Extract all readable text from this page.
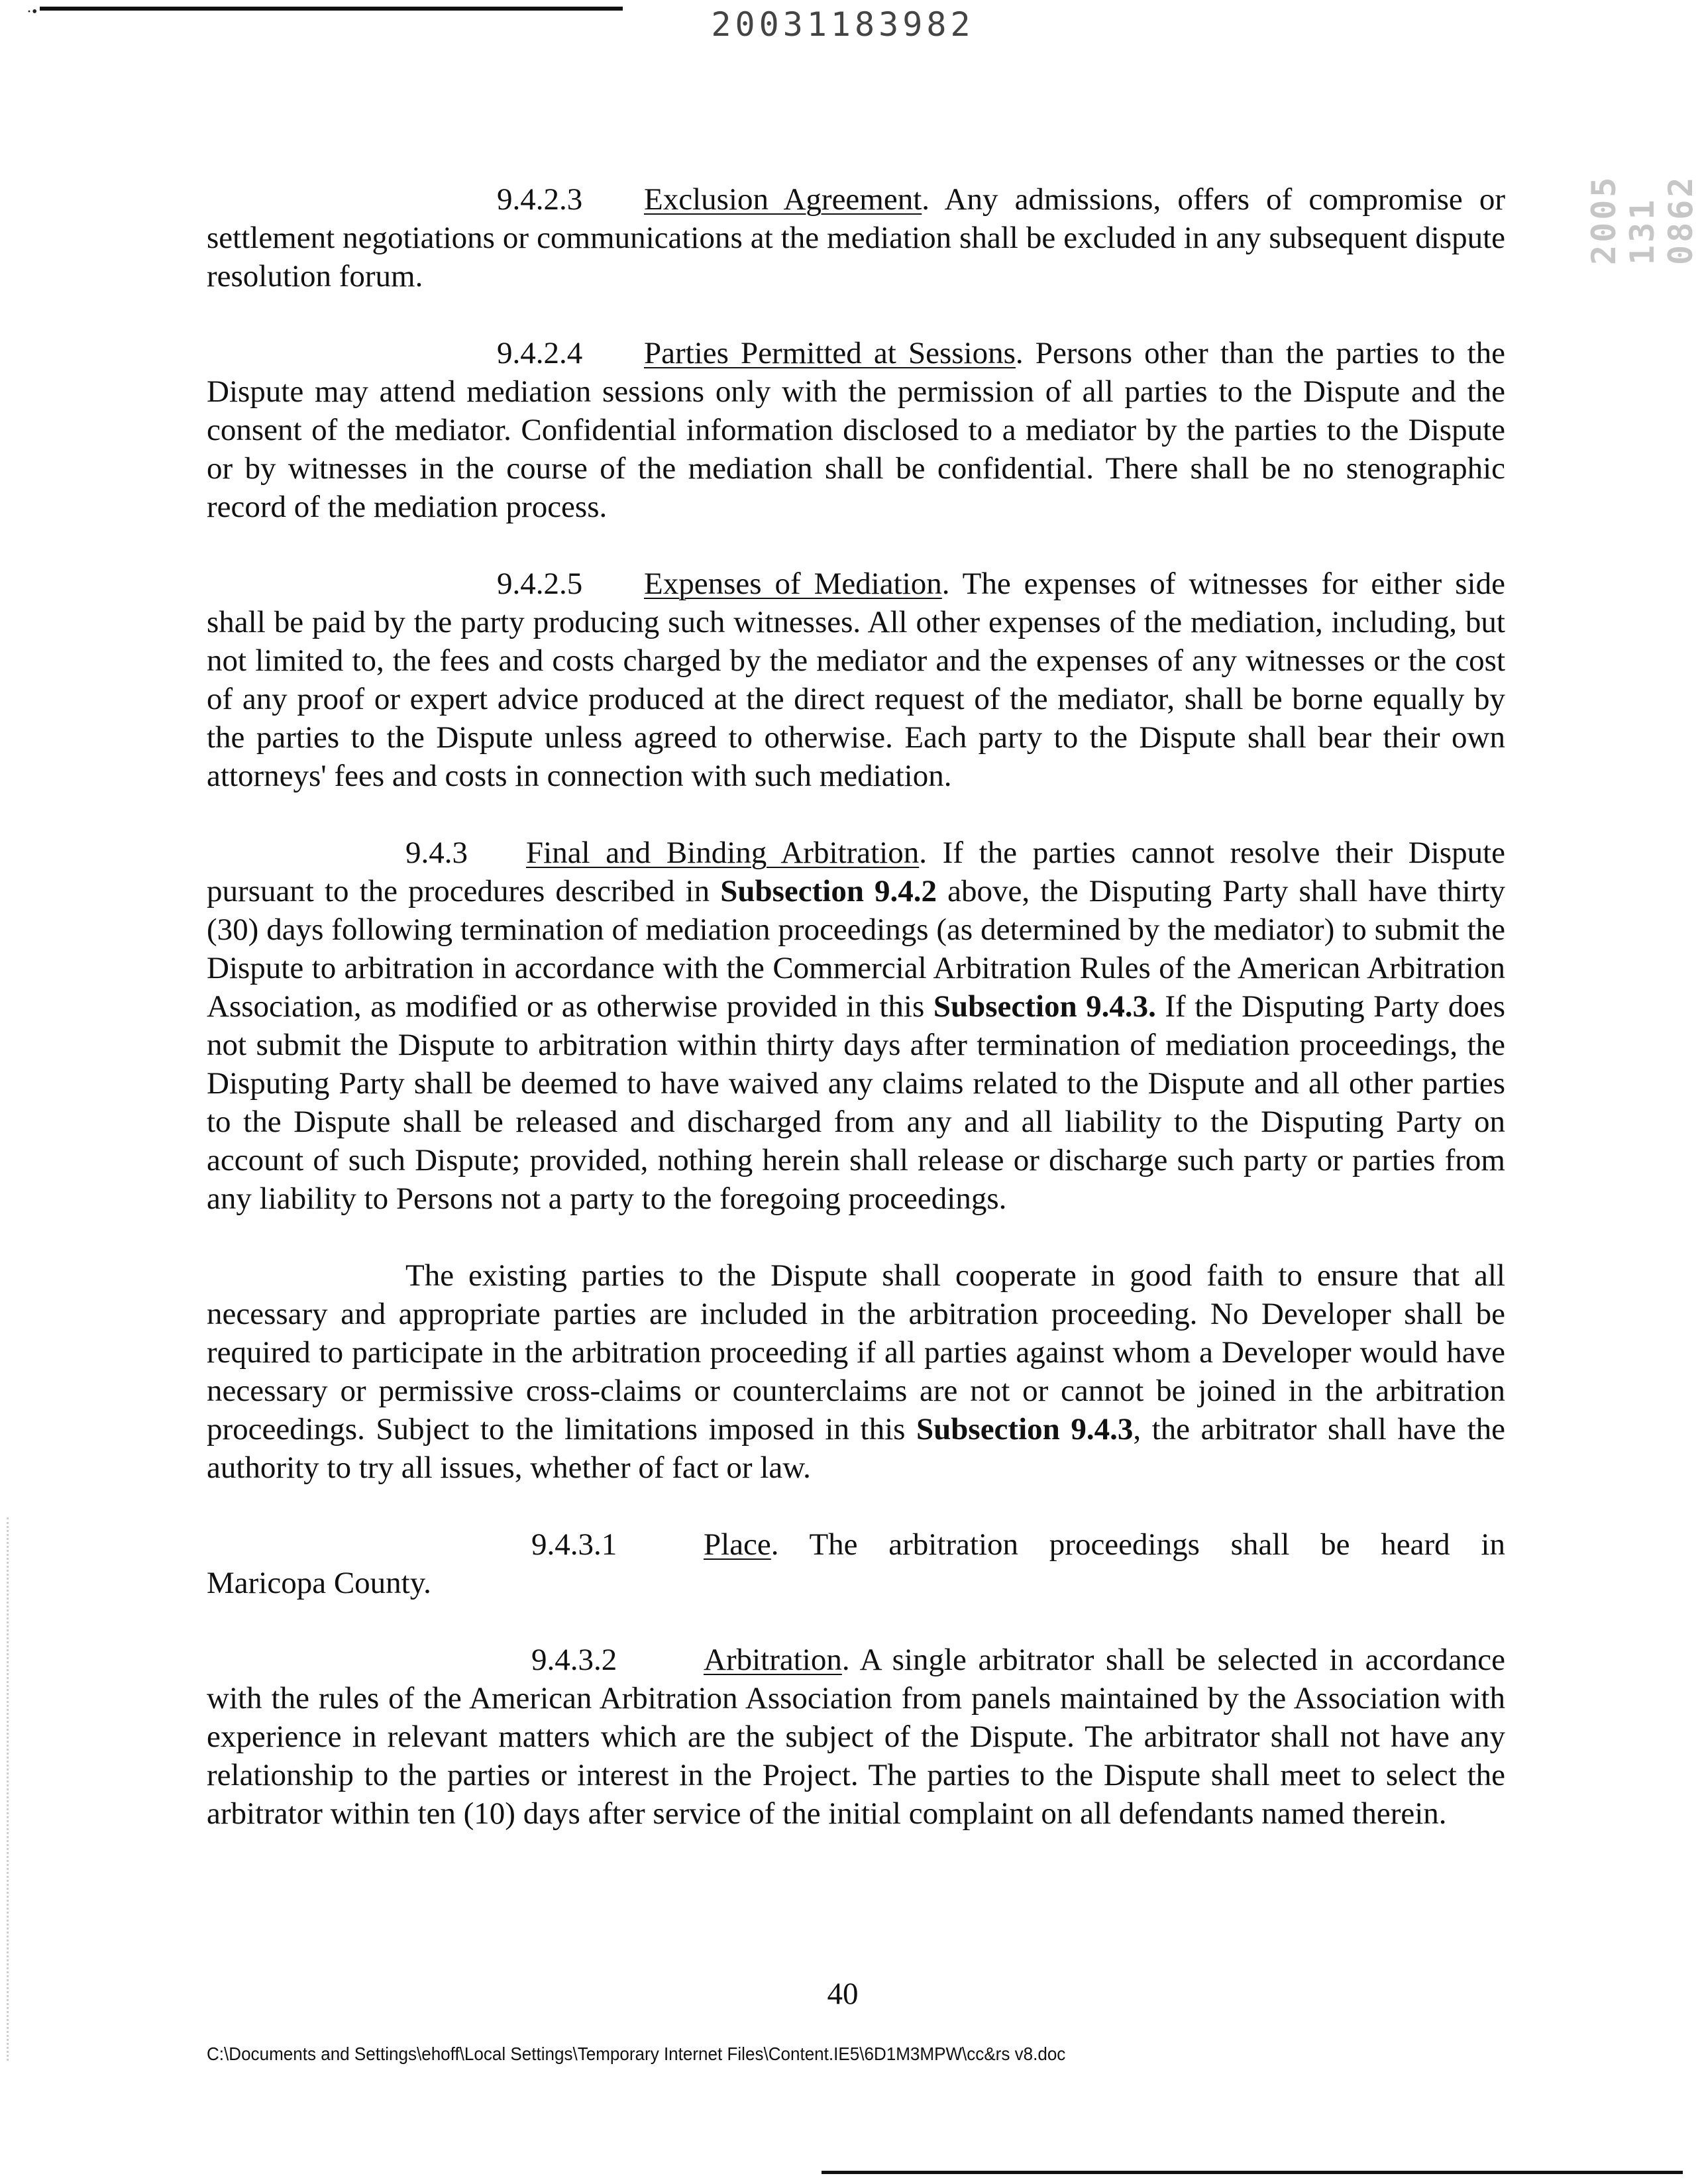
·•	20031183982
2005 131 0862

9.4.2.3 Exclusion Agreement. Any admissions, offers of compromise or settlement negotiations or communications at the mediation shall be excluded in any subsequent dispute resolution forum.

9.4.2.4 Parties Permitted at Sessions. Persons other than the parties to the Dispute may attend mediation sessions only with the permission of all parties to the Dispute and the consent of the mediator. Confidential information disclosed to a mediator by the parties to the Dispute or by witnesses in the course of the mediation shall be confidential. There shall be no stenographic record of the mediation process.

9.4.2.5 Expenses of Mediation. The expenses of witnesses for either side shall be paid by the party producing such witnesses. All other expenses of the mediation, including, but not limited to, the fees and costs charged by the mediator and the expenses of any witnesses or the cost of any proof or expert advice produced at the direct request of the mediator, shall be borne equally by the parties to the Dispute unless agreed to otherwise. Each party to the Dispute shall bear their own attorneys' fees and costs in connection with such mediation.

9.4.3 Final and Binding Arbitration. If the parties cannot resolve their Dispute pursuant to the procedures described in Subsection 9.4.2 above, the Disputing Party shall have thirty (30) days following termination of mediation proceedings (as determined by the mediator) to submit the Dispute to arbitration in accordance with the Commercial Arbitration Rules of the American Arbitration Association, as modified or as otherwise provided in this Subsection 9.4.3. If the Disputing Party does not submit the Dispute to arbitration within thirty days after termination of mediation proceedings, the Disputing Party shall be deemed to have waived any claims related to the Dispute and all other parties to the Dispute shall be released and discharged from any and all liability to the Disputing Party on account of such Dispute; provided, nothing herein shall release or discharge such party or parties from any liability to Persons not a party to the foregoing proceedings.

The existing parties to the Dispute shall cooperate in good faith to ensure that all necessary and appropriate parties are included in the arbitration proceeding. No Developer shall be required to participate in the arbitration proceeding if all parties against whom a Developer would have necessary or permissive cross-claims or counterclaims are not or cannot be joined in the arbitration proceedings. Subject to the limitations imposed in this Subsection 9.4.3, the arbitrator shall have the authority to try all issues, whether of fact or law.

9.4.3.1	Place. The arbitration proceedings shall be heard in
Maricopa County.

9.4.3.2	Arbitration. A single arbitrator shall be selected in accordance with the rules of the American Arbitration Association from panels maintained by the Association with experience in relevant matters which are the subject of the Dispute. The arbitrator shall not have any relationship to the parties or interest in the Project. The parties to the Dispute shall meet to select the arbitrator within ten (10) days after service of the initial complaint on all defendants named therein.

40
C:\Documents and Settings\ehoff\Local Settings\Temporary Internet Files\Content.IE5\6D1M3MPW\cc&rs v8.doc
